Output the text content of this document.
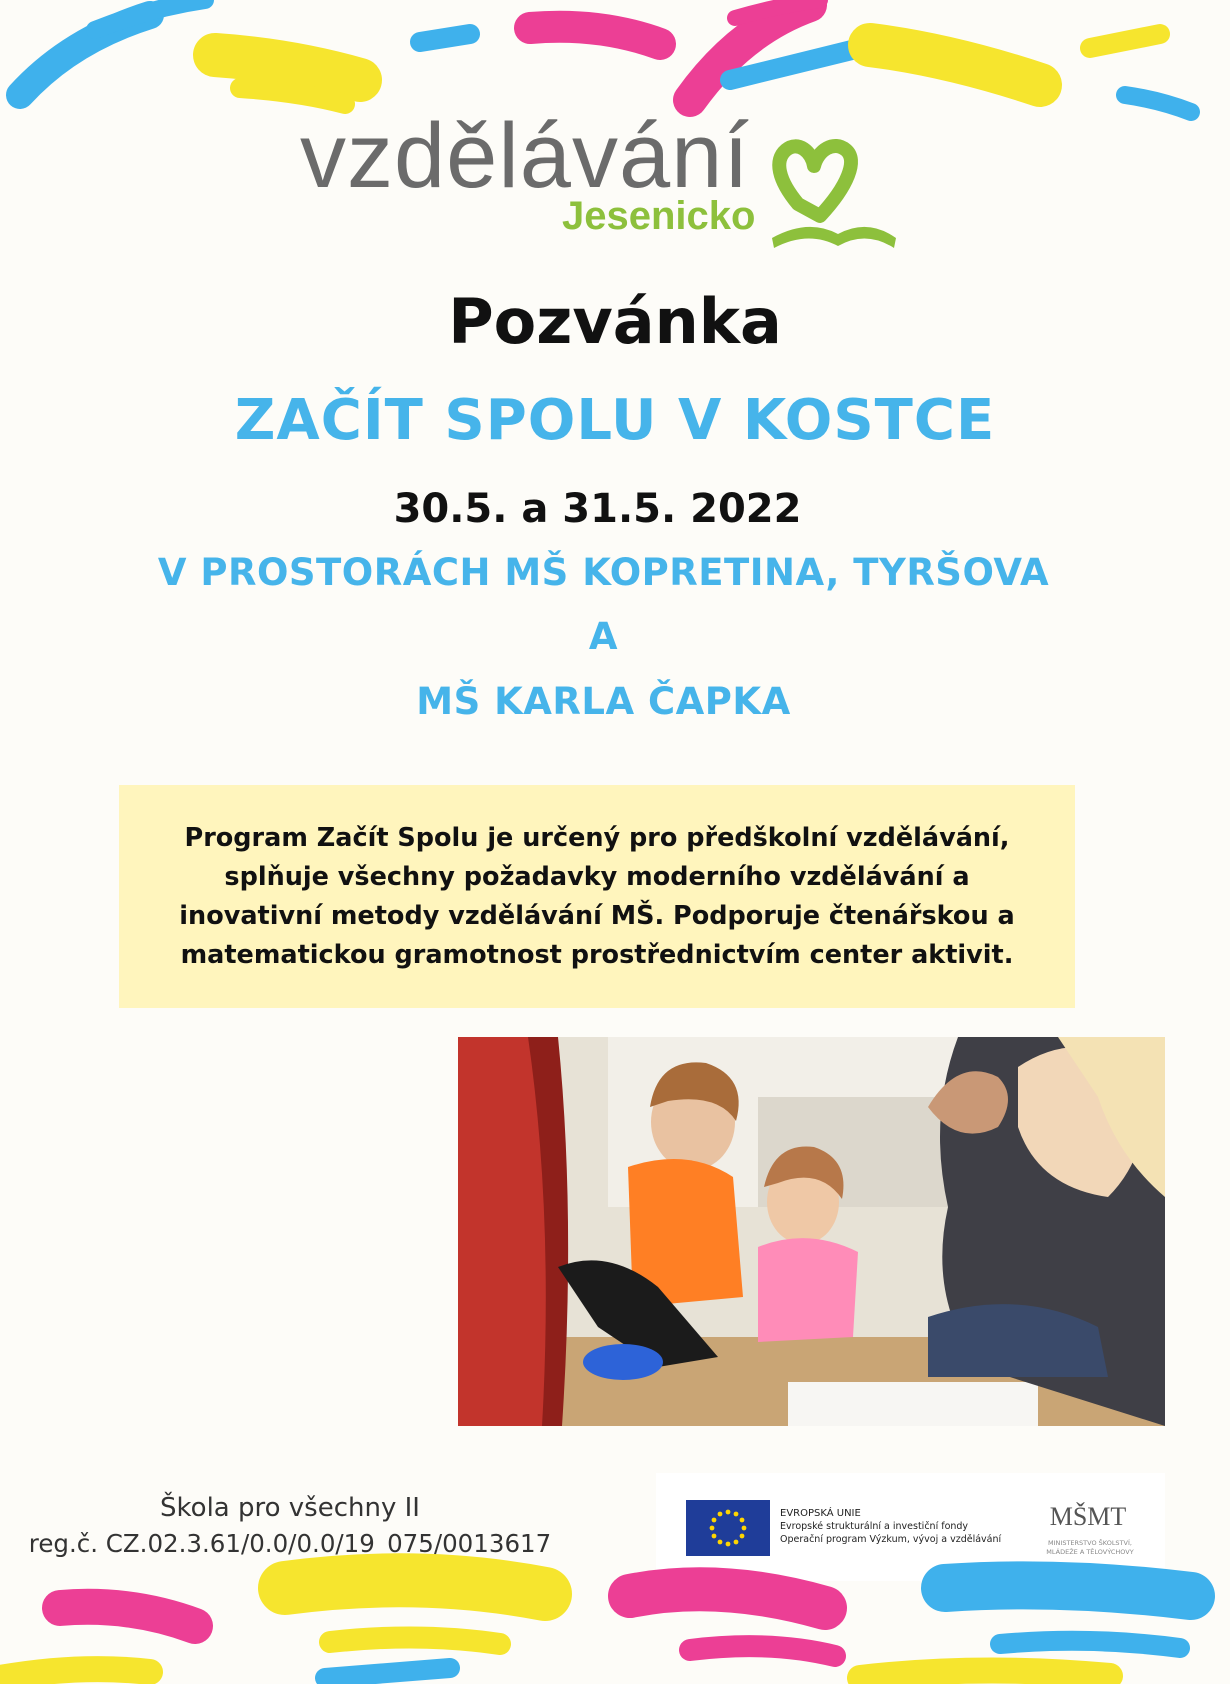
vzdělávání
Jesenicko
Pozvánka
ZAČÍT SPOLU V KOSTCE
30.5. a 31.5. 2022
V PROSTORÁCH MŠ KOPRETINA, TYRŠOVA
A
MŠ KARLA ČAPKA
Program Začít Spolu je určený pro předškolní vzdělávání,
splňuje všechny požadavky moderního vzdělávání a
inovativní metody vzdělávání MŠ. Podporuje čtenářskou a
matematickou gramotnost prostřednictvím center aktivit.
Škola pro všechny II
reg.č. CZ.02.3.61/0.0/0.0/19_075/0013617
EVROPSKÁ UNIE
Evropské strukturální a investiční fondy
Operační program Výzkum, vývoj a vzdělávání
MŠMT
MINISTERSTVO ŠKOLSTVÍ,
MLÁDEŽE A TĚLOVÝCHOVY
